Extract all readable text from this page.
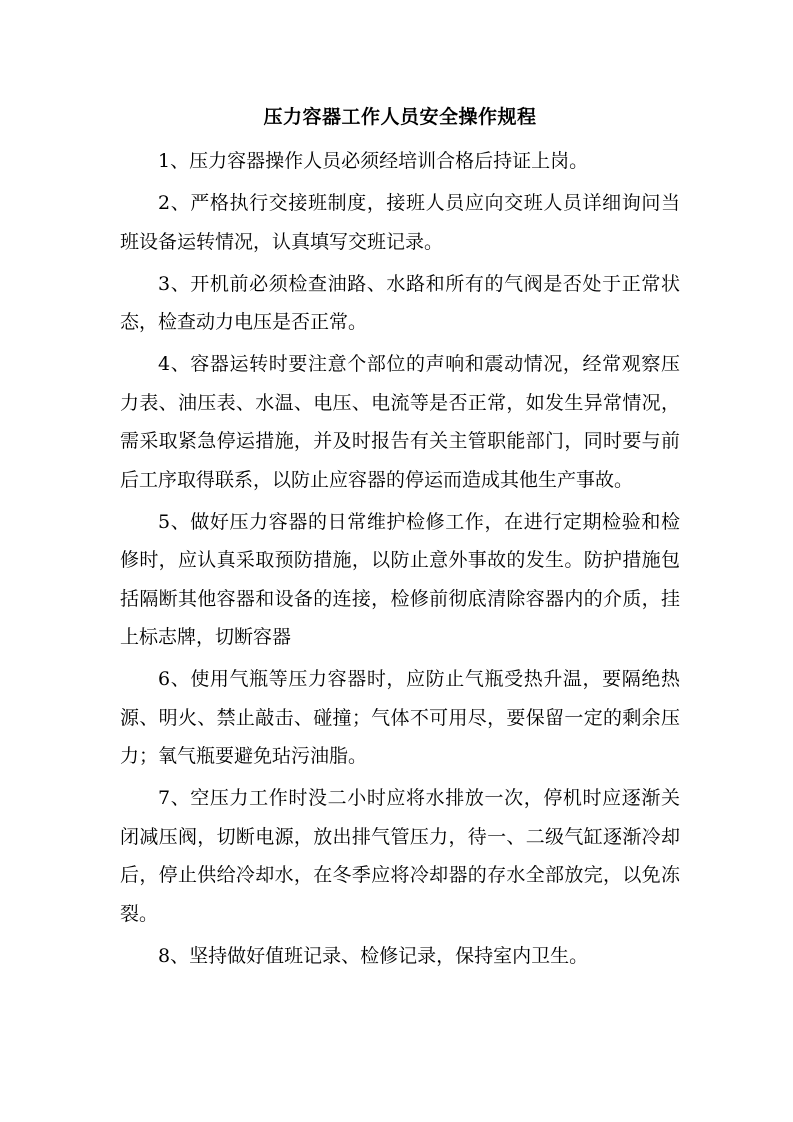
压力容器工作人员安全操作规程

1、压力容器操作人员必须经培训合格后持证上岗。

2、严格执行交接班制度，接班人员应向交班人员详细询问当班设备运转情况，认真填写交班记录。

3、开机前必须检查油路、水路和所有的气阀是否处于正常状态，检查动力电压是否正常。

4、容器运转时要注意个部位的声响和震动情况，经常观察压力表、油压表、水温、电压、电流等是否正常，如发生异常情况，需采取紧急停运措施，并及时报告有关主管职能部门，同时要与前后工序取得联系，以防止应容器的停运而造成其他生产事故。

5、做好压力容器的日常维护检修工作，在进行定期检验和检修时，应认真采取预防措施，以防止意外事故的发生。防护措施包括隔断其他容器和设备的连接，检修前彻底清除容器内的介质，挂上标志牌，切断容器

6、使用气瓶等压力容器时，应防止气瓶受热升温，要隔绝热源、明火、禁止敲击、碰撞；气体不可用尽，要保留一定的剩余压力；氧气瓶要避免玷污油脂。

7、空压力工作时没二小时应将水排放一次，停机时应逐渐关闭减压阀，切断电源，放出排气管压力，待一、二级气缸逐渐冷却后，停止供给冷却水，在冬季应将冷却器的存水全部放完，以免冻裂。

8、坚持做好值班记录、检修记录，保持室内卫生。
